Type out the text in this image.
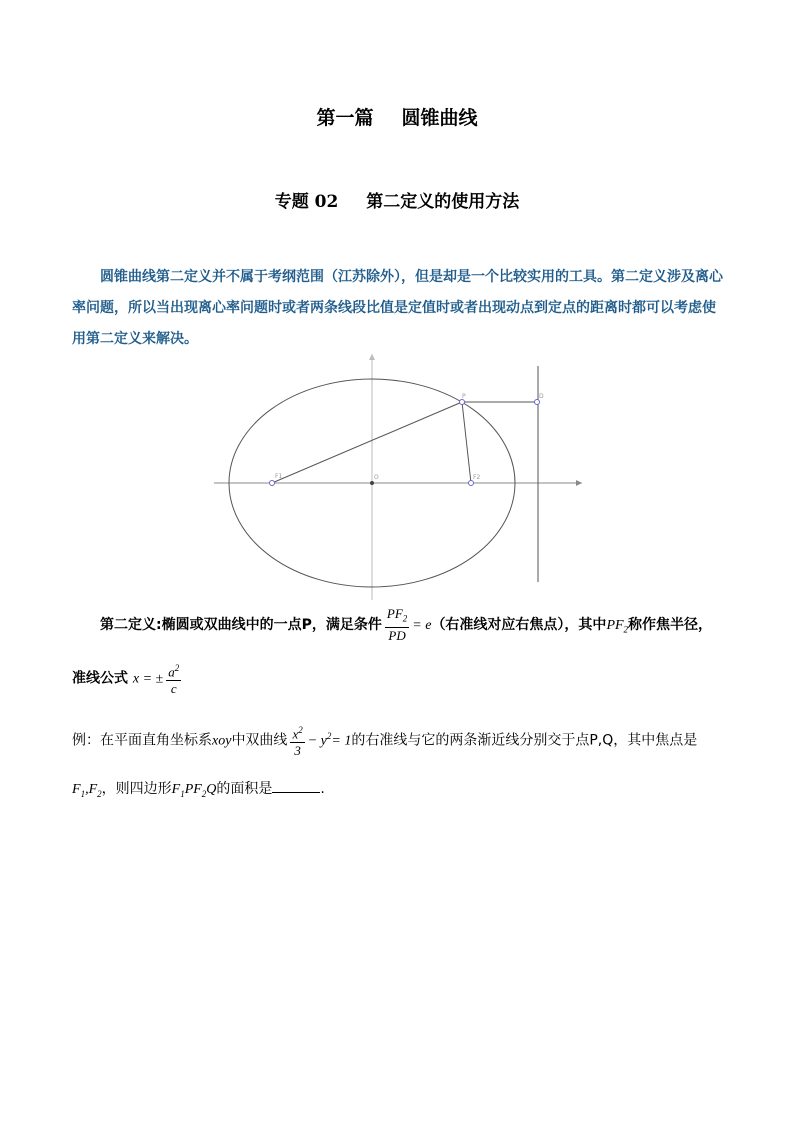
第一篇 圆锥曲线
专题 02 第二定义的使用方法
圆锥曲线第二定义并不属于考纲范围（江苏除外），但是却是一个比较实用的工具。第二定义涉及离心率问题，所以当出现离心率问题时或者两条线段比值是定值时或者出现动点到定点的距离时都可以考虑使用第二定义来解决。
F1	O	F2
P	D
第二定义:椭圆或双曲线中的一点P，满足条件 $\frac{PF_2}{PD} = e$（右准线对应右焦点），其中$PF_2$称作焦半径，
准线公式 x = ± $\frac{a^2}{c}$
例：在平面直角坐标系xoy中双曲线 $\frac{x^2}{3} - y^2= 1$的右准线与它的两条渐近线分别交于点P,Q，其中焦点是
$F_1,F_2$，则四边形$F_1PF_2Q$的面积是	.
